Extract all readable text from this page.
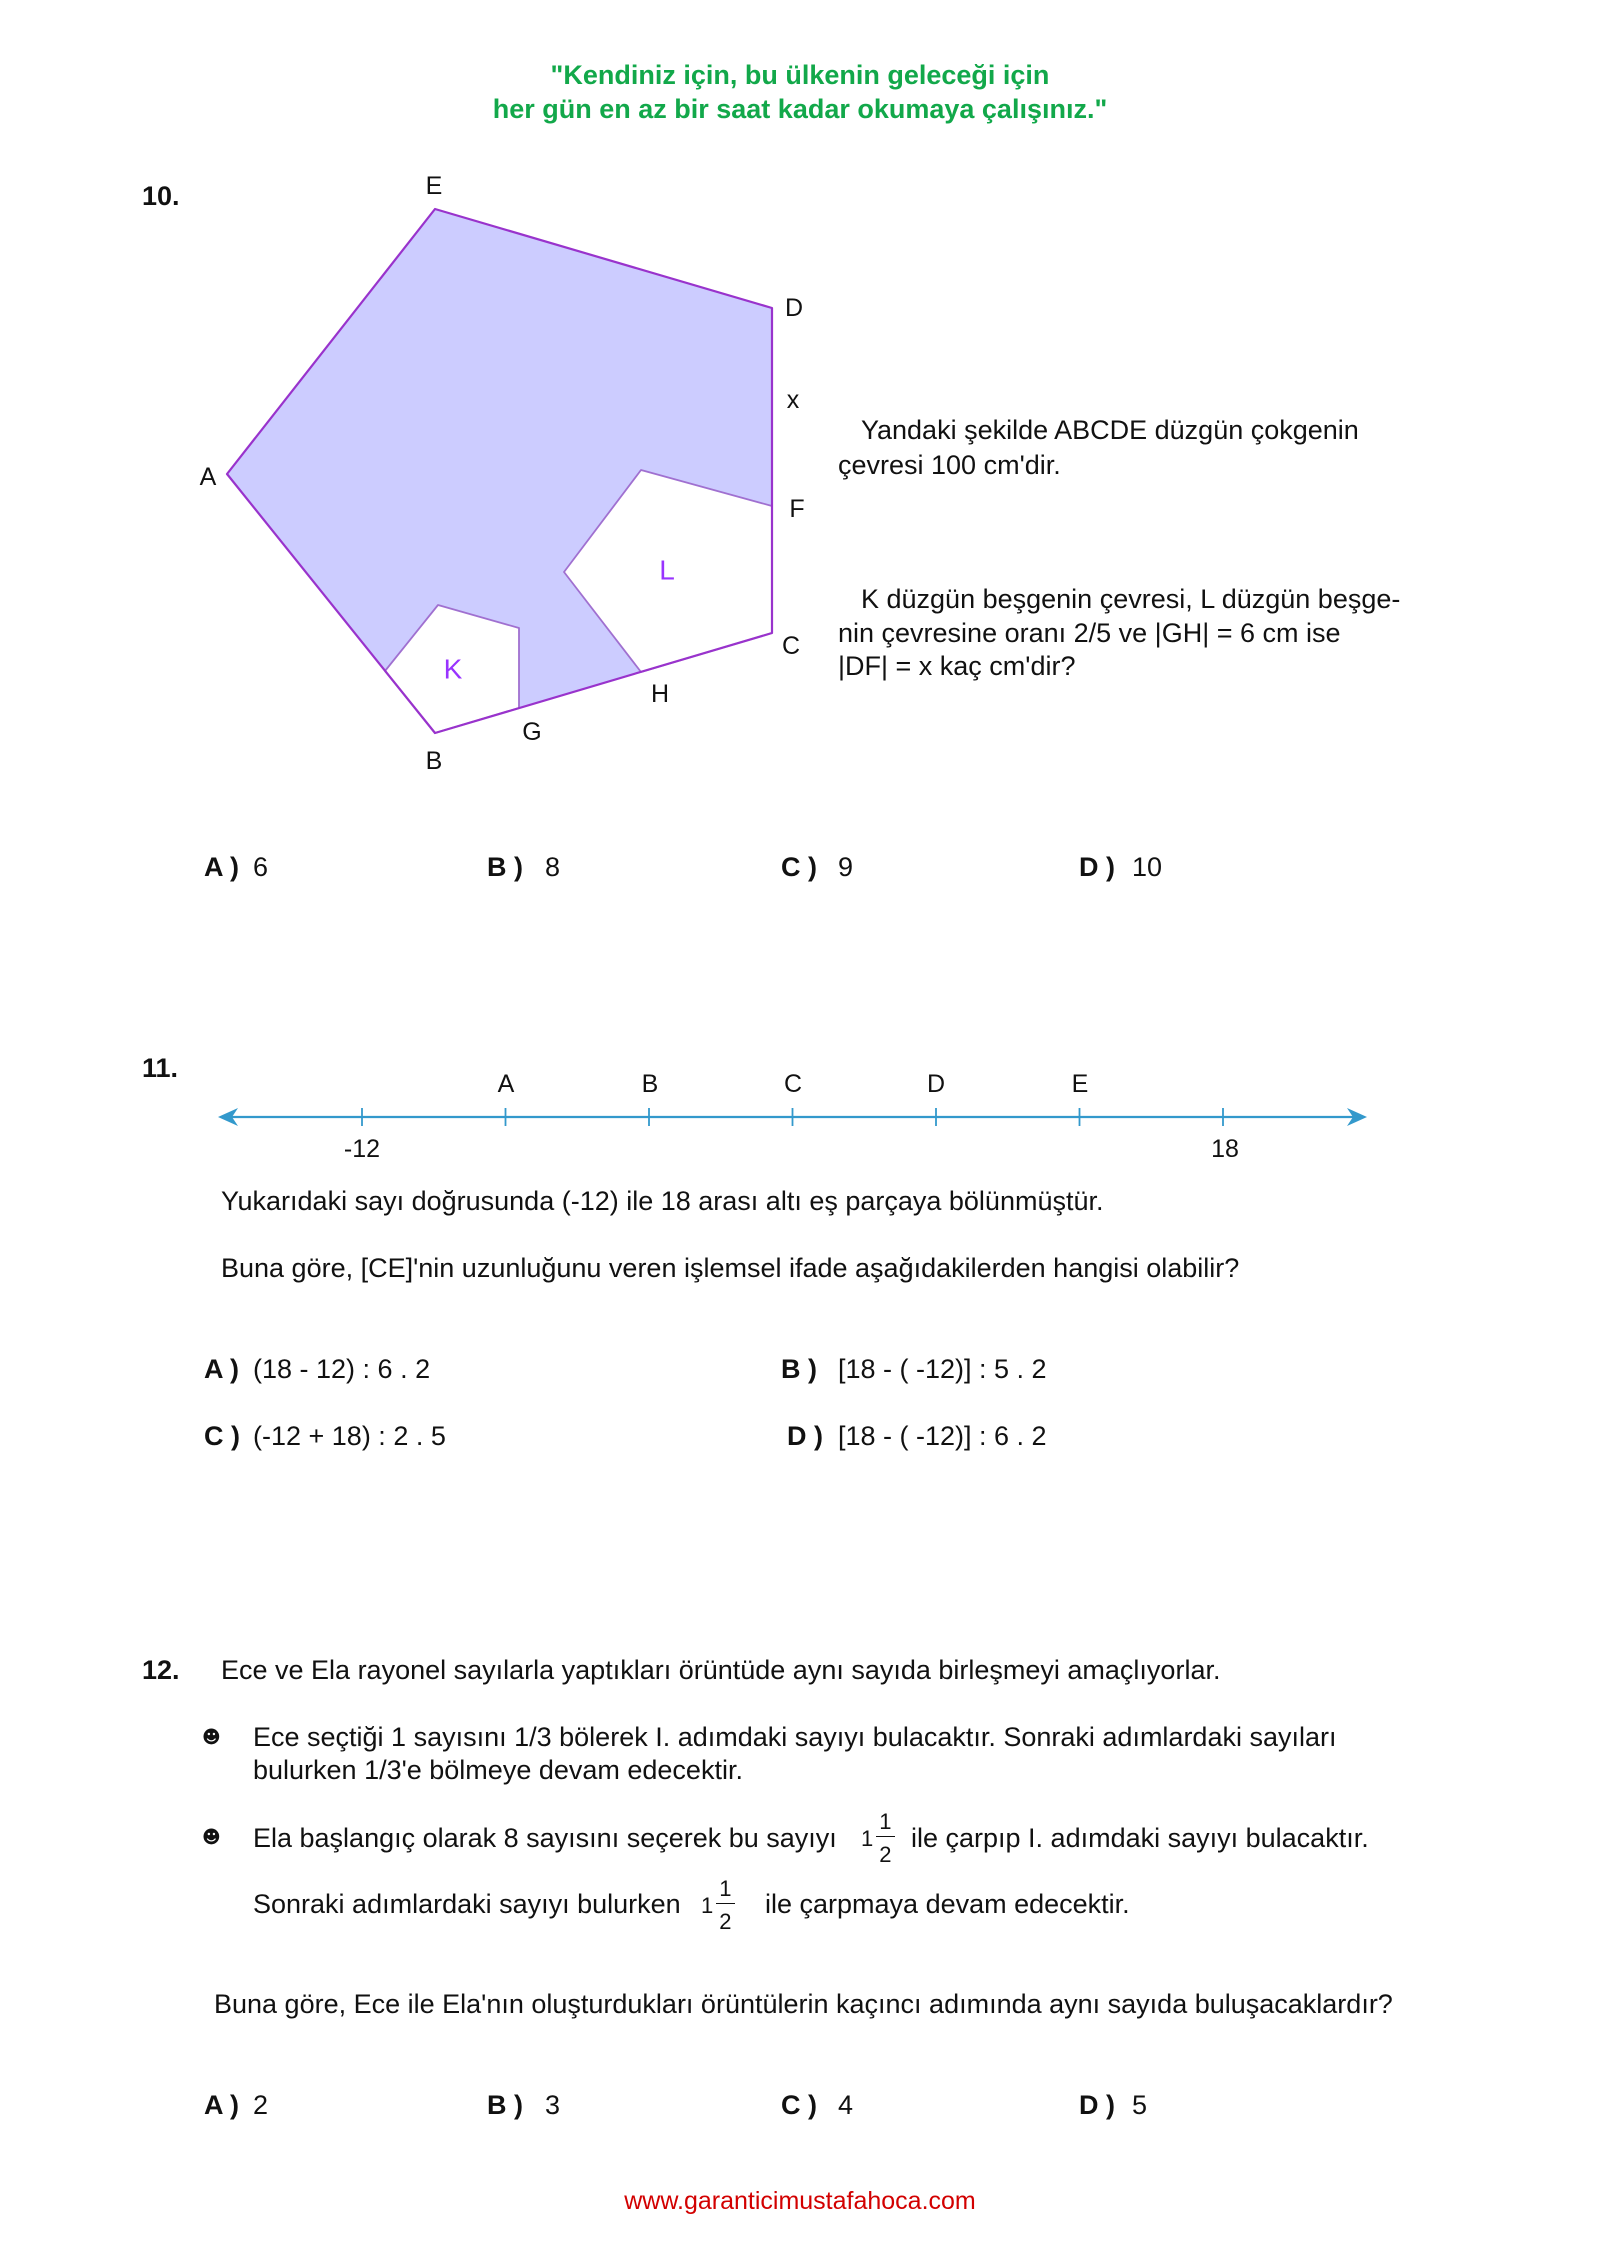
"Kendiniz için, bu ülkenin geleceği için
her gün en az bir saat kadar okumaya çalışınız."
10.	E
D
x
F
C
H
G
B
A
K
L
Yandaki şekilde ABCDE düzgün çokgenin
çevresi 100 cm'dir.
K düzgün beşgenin çevresi, L düzgün beşge-
nin çevresine oranı 2/5 ve |GH| = 6 cm ise
|DF| = x kaç cm'dir?
A ) 6	B ) 8	C ) 9	D ) 10
11.
A	B	C	D	E
-12	18
Yukarıdaki sayı doğrusunda (-12) ile 18 arası altı eş parçaya bölünmüştür.
Buna göre, [CE]'nin uzunluğunu veren işlemsel ifade aşağıdakilerden hangisi olabilir?
A ) (18 - 12) : 6 . 2	B ) [18 - ( -12)] : 5 . 2
C ) (-12 + 18) : 2 . 5	D ) [18 - ( -12)] : 6 . 2
12. Ece ve Ela rayonel sayılarla yaptıkları örüntüde aynı sayıda birleşmeyi amaçlıyorlar.
☻ Ece seçtiği 1 sayısını 1/3 bölerek I. adımdaki sayıyı bulacaktır. Sonraki adımlardaki sayıları
bulurken 1/3'e bölmeye devam edecektir.
☻ Ela başlangıç olarak 8 sayısını seçerek bu sayıyı $1 \frac{1}{2}$ ile çarpıp I. adımdaki sayıyı bulacaktır.
Sonraki adımlardaki sayıyı bulurken $1 \frac{1}{2}$ ile çarpmaya devam edecektir.
Buna göre, Ece ile Ela'nın oluşturdukları örüntülerin kaçıncı adımında aynı sayıda buluşacaklardır?
A ) 2	B ) 3	C ) 4	D ) 5
www.garanticimustafahoca.com
